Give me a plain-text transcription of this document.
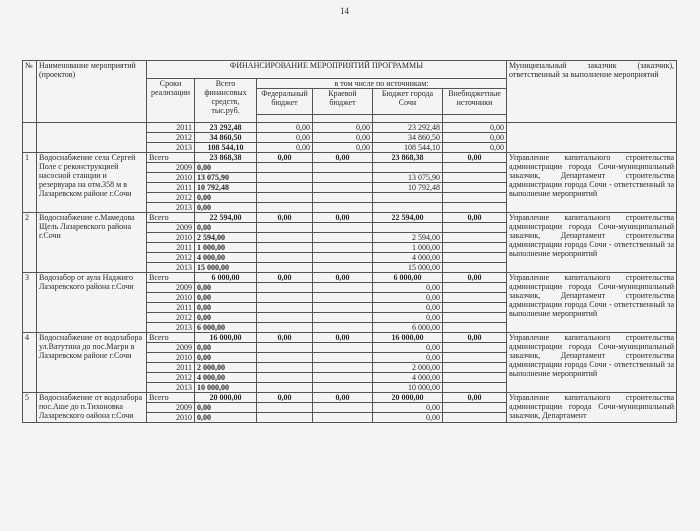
14
№	Наименование мероприятий (проектов)	ФИНАНСИРОВАНИЕ МЕРОПРИЯТИЙ ПРОГРАММЫ						Муниципальный заказчик (заказчик), ответственный за выполнение мероприятий
		Сроки реализации	Всего финансовых средств, тыс.руб.	в том числе по источникам:				
				Федеральный бюджет	Краевой бюджет	Бюджет города Сочи	Внебюджетные источники	

		2011	23 292,48	0,00	0,00	23 292,48	0,00	
		2012	34 860,50	0,00	0,00	34 860,50	0,00	
		2013	108 544,10	0,00	0,00	108 544,10	0,00	
1	Водоснабжение села Сергей Поле с реконструкцией насосной станции и резервуара на отм.358 м в Лазаревском районе г.Сочи	Всего	23 868,38	0,00	0,00	23 868,38	0,00	Управление капитального строительства администрации города Сочи-муниципальный заказчик, Департамент строительства администрации города Сочи - ответственный за выполнение мероприятий
		2009	0,00					
		2010	13 075,90			13 075,90		
		2011	10 792,48			10 792,48		
		2012	0,00					
		2013	0,00					
2	Водоснабжение с.Мамедова Щель Лазаревского района г.Сочи	Всего	22 594,00	0,00	0,00	22 594,00	0,00	Управление капитального строительства администрации города Сочи-муниципальный заказчик, Департамент строительства администрации города Сочи - ответственный за выполнение мероприятий
		2009	0,00					
		2010	2 594,00			2 594,00		
		2011	1 000,00			1 000,00		
		2012	4 000,00			4 000,00		
		2013	15 000,00			15 000,00		
3	Водозабор от аула Наджиго Лазаревского района г.Сочи	Всего	6 000,00	0,00	0,00	6 000,00	0,00	Управление капитального строительства администрации города Сочи-муниципальный заказчик, Департамент строительства администрации города Сочи - ответственный за выполнение мероприятий
		2009	0,00			0,00		
		2010	0,00			0,00		
		2011	0,00			0,00		
		2012	0,00			0,00		
		2013	6 000,00			6 000,00		
4	Водоснабжение от водозабора ул.Ватутина до пос.Магри в Лазаревском районе г.Сочи	Всего	16 000,00	0,00	0,00	16 000,00	0,00	Управление капитального строительства администрации города Сочи-муниципальный заказчик, Департамент строительства администрации города Сочи - ответственный за выполнение мероприятий
		2009	0,00			0,00		
		2010	0,00			0,00		
		2011	2 000,00			2 000,00		
		2012	4 000,00			4 000,00		
		2013	10 000,00			10 000,00		
5	Водоснабжение от водозабора пос.Аше до п.Тихоновка Лазаревского оайона г.Сочи	Всего	20 000,00	0,00	0,00	20 000,00	0,00	Управление капитального строительства администрации города Сочи-муниципальный заказчик, Департамент
		2009	0,00			0,00		
		2010	0,00			0,00		
